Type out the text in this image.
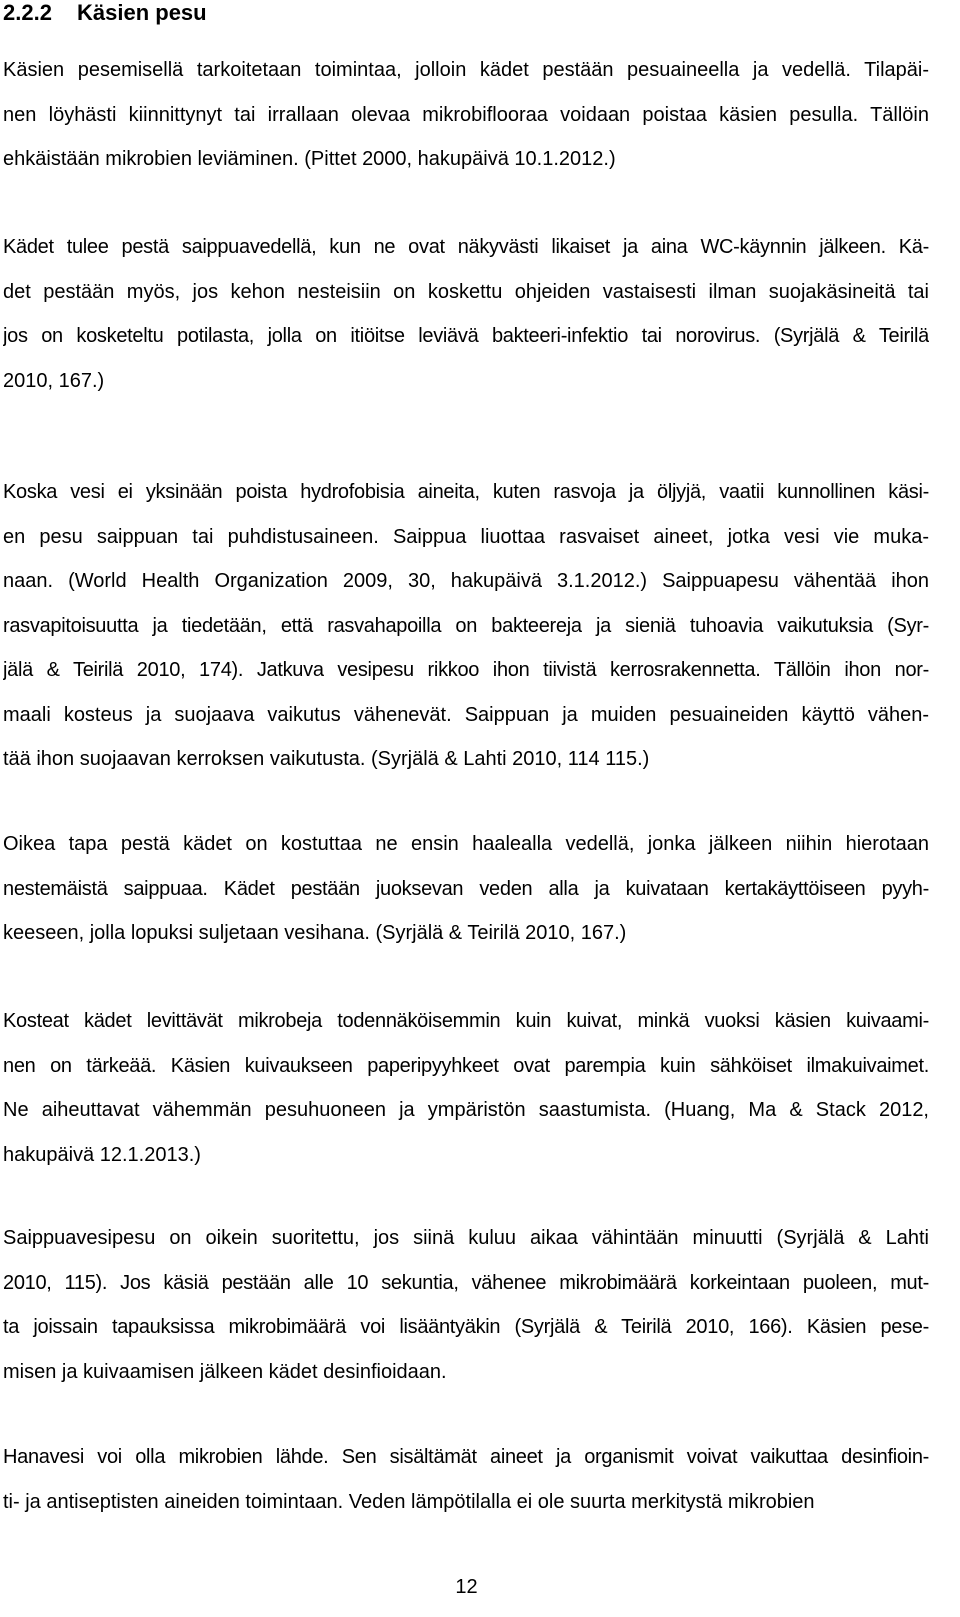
2.2.2 Käsien pesu

Käsien pesemisellä tarkoitetaan toimintaa, jolloin kädet pestään pesuaineella ja vedellä. Tilapäi-
nen löyhästi kiinnittynyt tai irrallaan olevaa mikrobiflooraa voidaan poistaa käsien pesulla. Tällöin
ehkäistään mikrobien leviäminen. (Pittet 2000, hakupäivä 10.1.2012.)

Kädet tulee pestä saippuavedellä, kun ne ovat näkyvästi likaiset ja aina WC-käynnin jälkeen. Kä-
det pestään myös, jos kehon nesteisiin on koskettu ohjeiden vastaisesti ilman suojakäsineitä tai
jos on kosketeltu potilasta, jolla on itiöitse leviävä bakteeri-infektio tai norovirus. (Syrjälä & Teirilä
2010, 167.)

Koska vesi ei yksinään poista hydrofobisia aineita, kuten rasvoja ja öljyjä, vaatii kunnollinen käsi-
en pesu saippuan tai puhdistusaineen. Saippua liuottaa rasvaiset aineet, jotka vesi vie muka-
naan. (World Health Organization 2009, 30, hakupäivä 3.1.2012.) Saippuapesu vähentää ihon
rasvapitoisuutta ja tiedetään, että rasvahapoilla on bakteereja ja sieniä tuhoavia vaikutuksia (Syr-
jälä & Teirilä 2010, 174). Jatkuva vesipesu rikkoo ihon tiivistä kerrosrakennetta. Tällöin ihon nor-
maali kosteus ja suojaava vaikutus vähenevät. Saippuan ja muiden pesuaineiden käyttö vähen-
tää ihon suojaavan kerroksen vaikutusta. (Syrjälä & Lahti 2010, 114 115.)

Oikea tapa pestä kädet on kostuttaa ne ensin haalealla vedellä, jonka jälkeen niihin hierotaan
nestemäistä saippuaa. Kädet pestään juoksevan veden alla ja kuivataan kertakäyttöiseen pyyh-
keeseen, jolla lopuksi suljetaan vesihana. (Syrjälä & Teirilä 2010, 167.)

Kosteat kädet levittävät mikrobeja todennäköisemmin kuin kuivat, minkä vuoksi käsien kuivaami-
nen on tärkeää. Käsien kuivaukseen paperipyyhkeet ovat parempia kuin sähköiset ilmakuivaimet.
Ne aiheuttavat vähemmän pesuhuoneen ja ympäristön saastumista. (Huang, Ma & Stack 2012,
hakupäivä 12.1.2013.)

Saippuavesipesu on oikein suoritettu, jos siinä kuluu aikaa vähintään minuutti (Syrjälä & Lahti
2010, 115). Jos käsiä pestään alle 10 sekuntia, vähenee mikrobimäärä korkeintaan puoleen, mut-
ta joissain tapauksissa mikrobimäärä voi lisääntyäkin (Syrjälä & Teirilä 2010, 166). Käsien pese-
misen ja kuivaamisen jälkeen kädet desinfioidaan.

Hanavesi voi olla mikrobien lähde. Sen sisältämät aineet ja organismit voivat vaikuttaa desinfioin-
ti- ja antiseptisten aineiden toimintaan. Veden lämpötilalla ei ole suurta merkitystä mikrobien

12
